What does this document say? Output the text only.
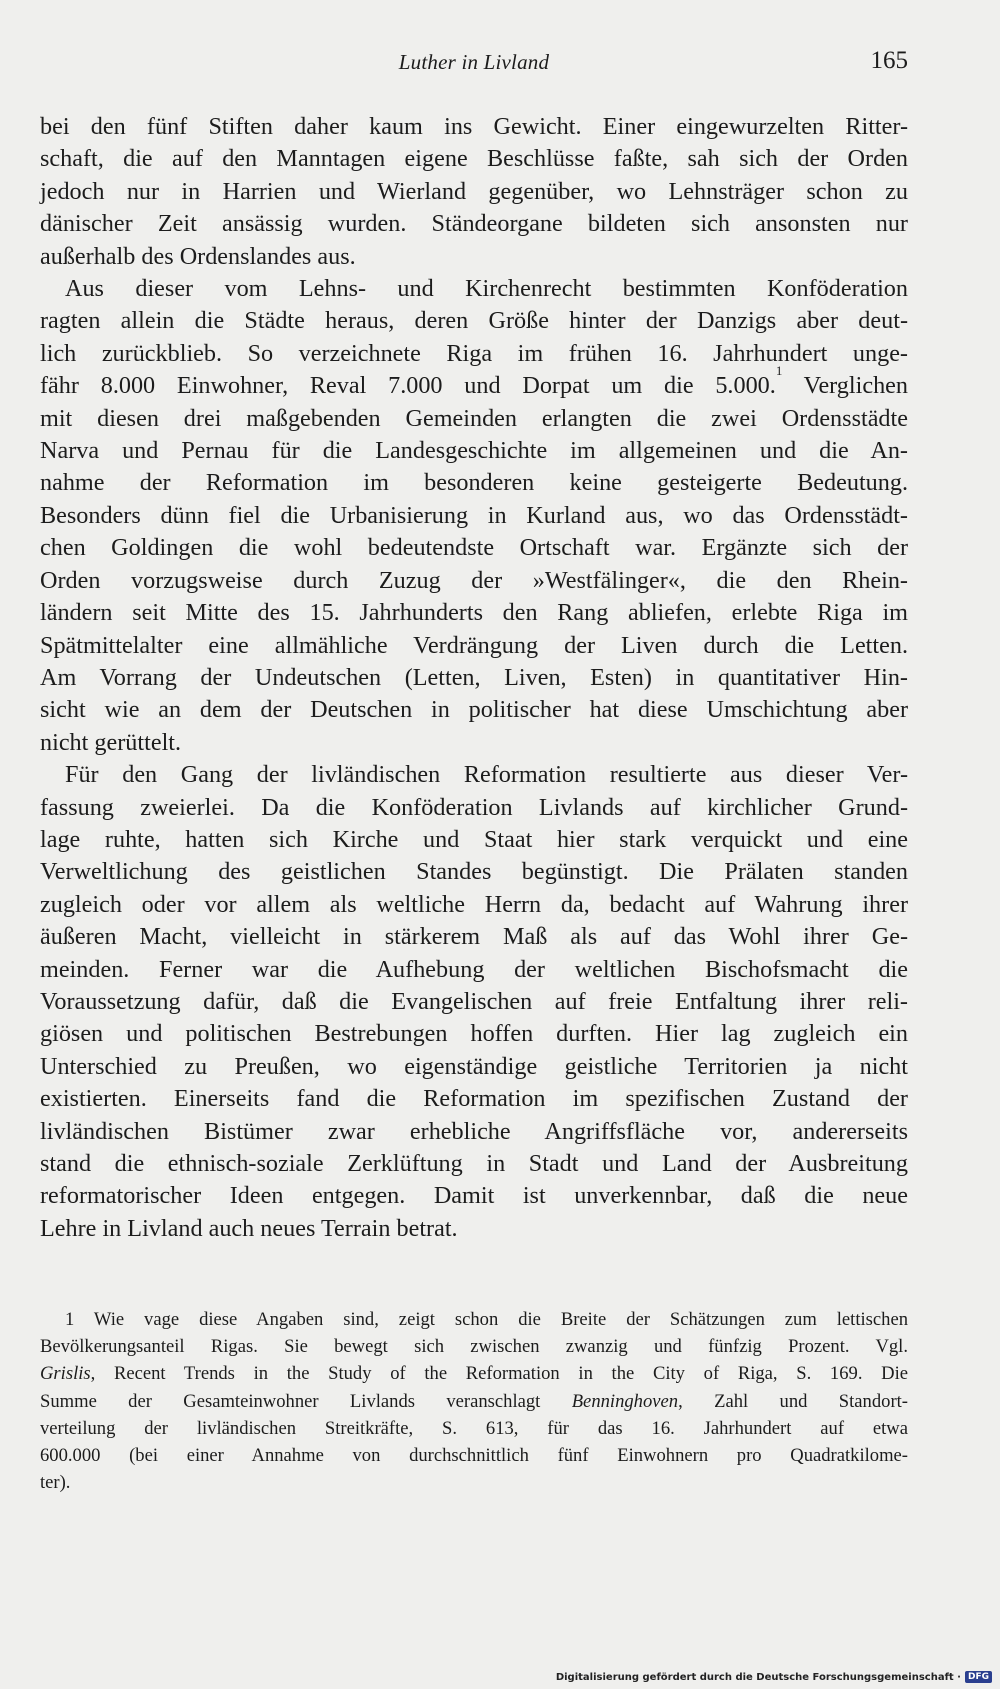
Luther in Livland	165
bei den fünf Stiften daher kaum ins Gewicht. Einer eingewurzelten Ritter-
schaft, die auf den Manntagen eigene Beschlüsse faßte, sah sich der Orden
jedoch nur in Harrien und Wierland gegenüber, wo Lehnsträger schon zu
dänischer Zeit ansässig wurden. Ständeorgane bildeten sich ansonsten nur
außerhalb des Ordenslandes aus.
Aus dieser vom Lehns- und Kirchenrecht bestimmten Konföderation
ragten allein die Städte heraus, deren Größe hinter der Danzigs aber deut-
lich zurückblieb. So verzeichnete Riga im frühen 16. Jahrhundert unge-
fähr 8.000 Einwohner, Reval 7.000 und Dorpat um die 5.000.$^1$ Verglichen
mit diesen drei maßgebenden Gemeinden erlangten die zwei Ordensstädte
Narva und Pernau für die Landesgeschichte im allgemeinen und die An-
nahme der Reformation im besonderen keine gesteigerte Bedeutung.
Besonders dünn fiel die Urbanisierung in Kurland aus, wo das Ordensstädt-
chen Goldingen die wohl bedeutendste Ortschaft war. Ergänzte sich der
Orden vorzugsweise durch Zuzug der »Westfälinger«, die den Rhein-
ländern seit Mitte des 15. Jahrhunderts den Rang abliefen, erlebte Riga im
Spätmittelalter eine allmähliche Verdrängung der Liven durch die Letten.
Am Vorrang der Undeutschen (Letten, Liven, Esten) in quantitativer Hin-
sicht wie an dem der Deutschen in politischer hat diese Umschichtung aber
nicht gerüttelt.
Für den Gang der livländischen Reformation resultierte aus dieser Ver-
fassung zweierlei. Da die Konföderation Livlands auf kirchlicher Grund-
lage ruhte, hatten sich Kirche und Staat hier stark verquickt und eine
Verweltlichung des geistlichen Standes begünstigt. Die Prälaten standen
zugleich oder vor allem als weltliche Herrn da, bedacht auf Wahrung ihrer
äußeren Macht, vielleicht in stärkerem Maß als auf das Wohl ihrer Ge-
meinden. Ferner war die Aufhebung der weltlichen Bischofsmacht die
Voraussetzung dafür, daß die Evangelischen auf freie Entfaltung ihrer reli-
giösen und politischen Bestrebungen hoffen durften. Hier lag zugleich ein
Unterschied zu Preußen, wo eigenständige geistliche Territorien ja nicht
existierten. Einerseits fand die Reformation im spezifischen Zustand der
livländischen Bistümer zwar erhebliche Angriffsfläche vor, andererseits
stand die ethnisch-soziale Zerklüftung in Stadt und Land der Ausbreitung
reformatorischer Ideen entgegen. Damit ist unverkennbar, daß die neue
Lehre in Livland auch neues Terrain betrat.
1 Wie vage diese Angaben sind, zeigt schon die Breite der Schätzungen zum lettischen
Bevölkerungsanteil Rigas. Sie bewegt sich zwischen zwanzig und fünfzig Prozent. Vgl.
Grislis, Recent Trends in the Study of the Reformation in the City of Riga, S. 169. Die
Summe der Gesamteinwohner Livlands veranschlagt Benninghoven, Zahl und Standort-
verteilung der livländischen Streitkräfte, S. 613, für das 16. Jahrhundert auf etwa
600.000 (bei einer Annahme von durchschnittlich fünf Einwohnern pro Quadratkilome-
ter).
Digitalisierung gefördert durch die Deutsche Forschungsgemeinschaft · DFG
